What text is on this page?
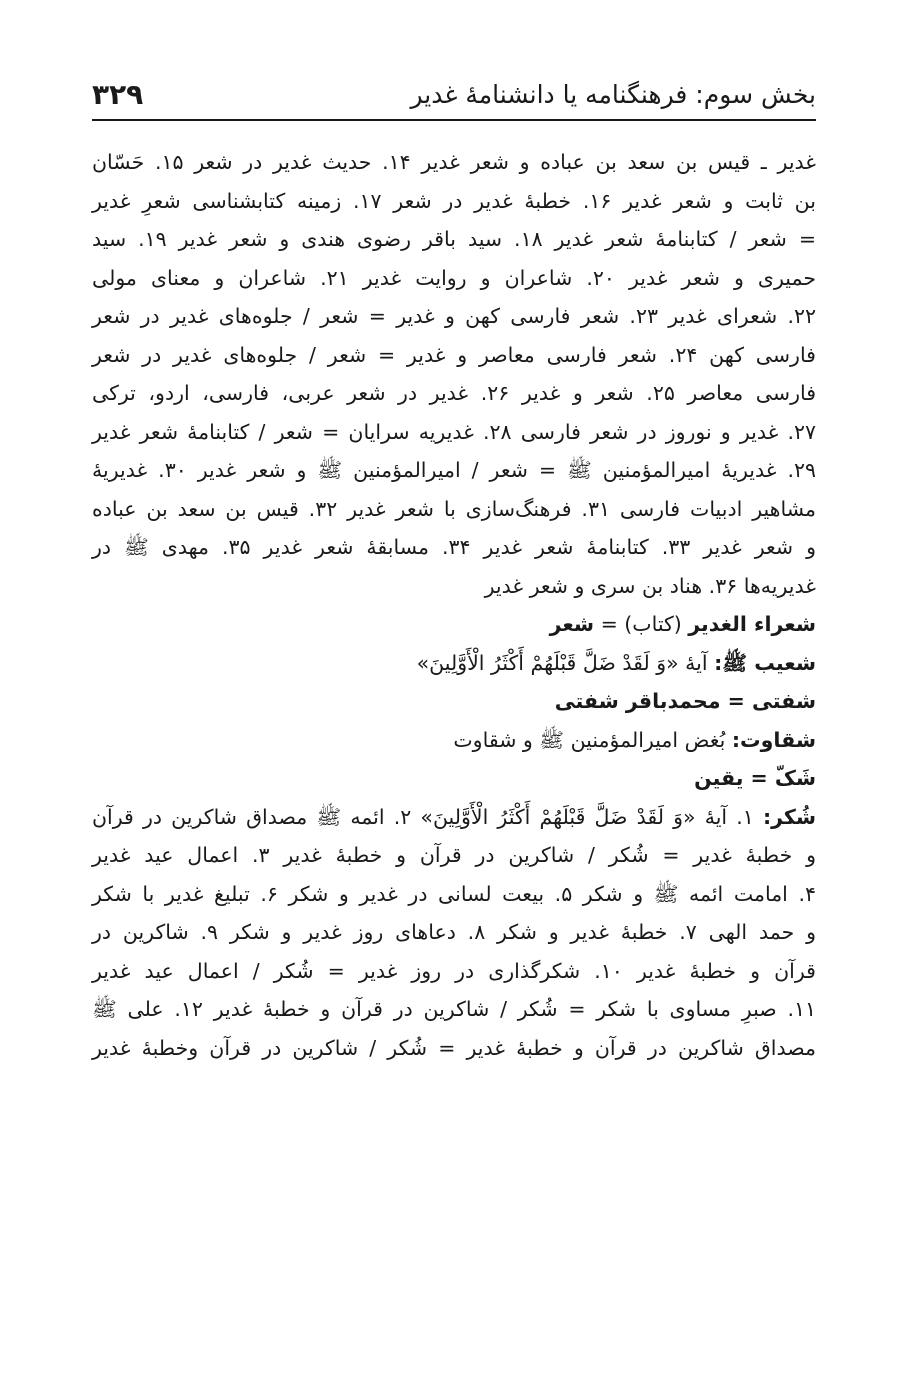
بخش سوم: فرهنگنامه یا دانشنامهٔ غدیر
۳۲۹
غدیر ـ قیس بن سعد بن عباده و شعر غدیر ۱۴. حدیث غدیر در شعر ۱۵. حَسّان
بن ثابت و شعر غدیر ۱۶. خطبهٔ غدیر در شعر ۱۷. زمینه کتابشناسی شعرِ غدیر
= شعر / کتابنامهٔ شعر غدیر ۱۸. سید باقر رضوی هندی و شعر غدیر ۱۹. سید
حمیری و شعر غدیر ۲۰. شاعران و روایت غدیر ۲۱. شاعران و معنای مولی
۲۲. شعرای غدیر ۲۳. شعر فارسی کهن و غدیر = شعر / جلوه‌های غدیر در شعر
فارسی کهن ۲۴. شعر فارسی معاصر و غدیر = شعر / جلوه‌های غدیر در شعر
فارسی معاصر ۲۵. شعر و غدیر ۲۶. غدیر در شعر عربی، فارسی، اردو، ترکی
۲۷. غدیر و نوروز در شعر فارسی ۲۸. غدیریه سرایان = شعر / کتابنامهٔ شعر غدیر
۲۹. غدیریهٔ امیرالمؤمنین ﷺ = شعر / امیرالمؤمنین ﷺ و شعر غدیر ۳۰. غدیریهٔ
مشاهیر ادبیات فارسی ۳۱. فرهنگ‌سازی با شعر غدیر ۳۲. قیس بن سعد بن عباده
و شعر غدیر ۳۳. کتابنامهٔ شعر غدیر ۳۴. مسابقهٔ شعر غدیر ۳۵. مهدی ﷺ در
غدیریه‌ها ۳۶. هناد بن سری و شعر غدیر
شعراء الغدیر (کتاب) = شعر
شعیب ﷺ: آیهٔ «وَ لَقَدْ ضَلَّ قَبْلَهُمْ أَکْثَرُ الْأَوَّلِینَ»
شفتی = محمدباقر شفتی
شقاوت: بُغض امیرالمؤمنین ﷺ و شقاوت
شَکّ = یقین
شُکر: ۱. آیهٔ «وَ لَقَدْ ضَلَّ قَبْلَهُمْ أَکْثَرُ الْأَوَّلِینَ» ۲. ائمه ﷺ مصداق شاکرین در قرآن
و خطبهٔ غدیر = شُکر / شاکرین در قرآن و خطبهٔ غدیر ۳. اعمال عید غدیر
۴. امامت ائمه ﷺ و شکر ۵. بیعت لسانی در غدیر و شکر ۶. تبلیغ غدیر با شکر
و حمد الهی ۷. خطبهٔ غدیر و شکر ۸. دعاهای روز غدیر و شکر ۹. شاکرین در
قرآن و خطبهٔ غدیر ۱۰. شکرگذاری در روز غدیر = شُکر / اعمال عید غدیر
۱۱. صبرِ مساوی با شکر = شُکر / شاکرین در قرآن و خطبهٔ غدیر ۱۲. علی ﷺ
مصداق شاکرین در قرآن و خطبهٔ غدیر = شُکر / شاکرین در قرآن وخطبهٔ غدیر
